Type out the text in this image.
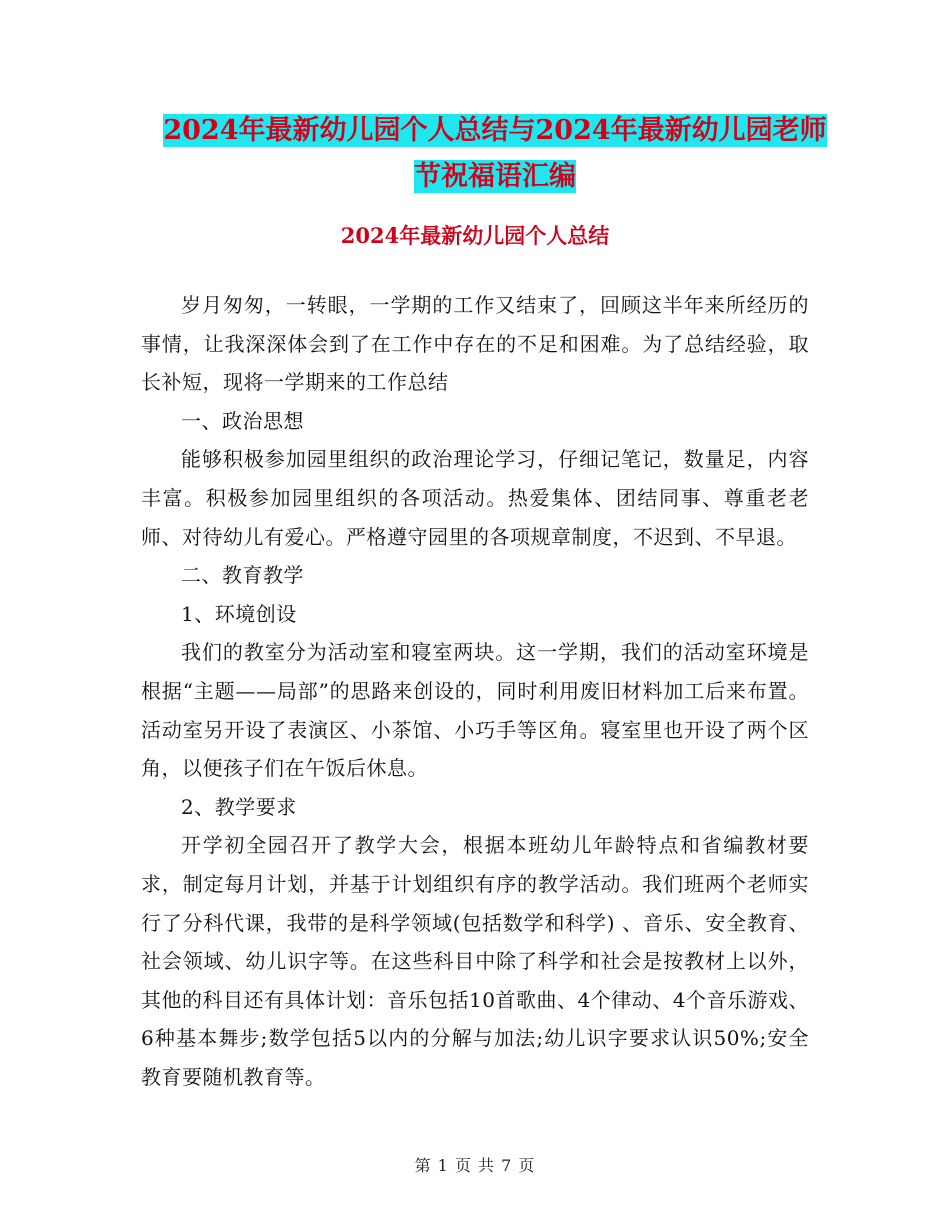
2024年最新幼儿园个人总结与2024年最新幼儿园老师
节祝福语汇编
2024年最新幼儿园个人总结

岁月匆匆，一转眼，一学期的工作又结束了，回顾这半年来所经历的事情，让我深深体会到了在工作中存在的不足和困难。为了总结经验，取长补短，现将一学期来的工作总结

一、政治思想

能够积极参加园里组织的政治理论学习，仔细记笔记，数量足，内容丰富。积极参加园里组织的各项活动。热爱集体、团结同事、尊重老老师、对待幼儿有爱心。严格遵守园里的各项规章制度，不迟到、不早退。

二、教育教学

1、环境创设

我们的教室分为活动室和寝室两块。这一学期，我们的活动室环境是根据“主题——局部”的思路来创设的，同时利用废旧材料加工后来布置。活动室另开设了表演区、小茶馆、小巧手等区角。寝室里也开设了两个区角，以便孩子们在午饭后休息。

2、教学要求

开学初全园召开了教学大会，根据本班幼儿年龄特点和省编教材要求，制定每月计划，并基于计划组织有序的教学活动。我们班两个老师实行了分科代课，我带的是科学领域(包括数学和科学) 、音乐、安全教育、社会领域、幼儿识字等。在这些科目中除了科学和社会是按教材上以外，其他的科目还有具体计划：音乐包括10首歌曲、4个律动、4个音乐游戏、6种基本舞步;数学包括5以内的分解与加法;幼儿识字要求认识50%;安全教育要随机教育等。

第 1 页 共 7 页
